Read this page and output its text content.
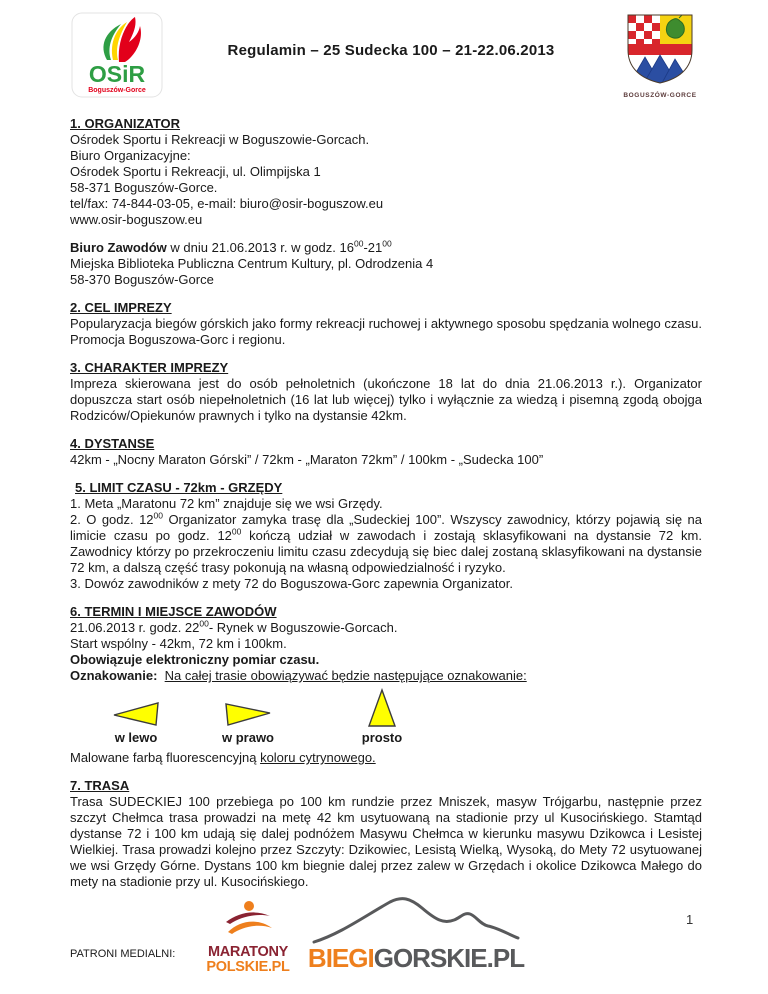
OSiR
Boguszów-Gorce
Regulamin – 25 Sudecka 100 – 21-22.06.2013
BOGUSZÓW-GORCE
1. ORGANIZATOR
Ośrodek Sportu i Rekreacji w Boguszowie-Gorcach.
Biuro Organizacyjne:
Ośrodek Sportu i Rekreacji, ul. Olimpijska 1
58-371 Boguszów-Gorce.
tel/fax: 74-844-03-05, e-mail: biuro@osir-boguszow.eu
www.osir-boguszow.eu

Biuro Zawodów w dniu 21.06.2013 r. w godz. $16^{00}-21^{00}$

Miejska Biblioteka Publiczna Centrum Kultury, pl. Odrodzenia 4
58-370 Boguszów-Gorce
2. CEL IMPREZY

Popularyzacja biegów górskich jako formy rekreacji ruchowej i aktywnego sposobu spędzania wolnego czasu. Promocja Boguszowa-Gorc i regionu.

3. CHARAKTER IMPREZY

Impreza skierowana jest do osób pełnoletnich (ukończone 18 lat do dnia 21.06.2013 r.). Organizator dopuszcza start osób niepełnoletnich (16 lat lub więcej) tylko i wyłącznie za wiedzą i pisemną zgodą obojga Rodziców/Opiekunów prawnych i tylko na dystansie 42km.

4. DYSTANSE
42km - „Nocny Maraton Górski” / 72km - „Maraton 72km” / 100km - „Sudecka 100”
5. LIMIT CZASU - 72km - GRZĘDY
1. Meta „Maratonu 72 km” znajduje się we wsi Grzędy.

2. O godz. $12^{00}$ Organizator zamyka trasę dla „Sudeckiej 100”. Wszyscy zawodnicy, którzy pojawią się na limicie czasu po godz. $12^{00}$ kończą udział w zawodach i zostają sklasyfikowani na dystansie 72 km. Zawodnicy którzy po przekroczeniu limitu czasu zdecydują się biec dalej zostaną sklasyfikowani na dystansie 72 km, a dalszą część trasy pokonują na własną odpowiedzialność i ryzyko.

3. Dowóz zawodników z mety 72 do Boguszowa-Gorc zapewnia Organizator.
6. TERMIN I MIEJSCE ZAWODÓW

21.06.2013 r. godz. $22^{00}-$ Rynek w Boguszowie-Gorcach.

Start wspólny - 42km, 72 km i 100km.
Obowiązuje elektroniczny pomiar czasu.

Oznakowanie: Na całej trasie obowiązywać będzie następujące oznakowanie:

w lewo	w prawo	prosto

Malowane farbą fluorescencyjną koloru cytrynowego.

7. TRASA

Trasa SUDECKIEJ 100 przebiega po 100 km rundzie przez Mniszek, masyw Trójgarbu, następnie przez szczyt Chełmca trasa prowadzi na metę 42 km usytuowaną na stadionie przy ul Kusocińskiego. Stamtąd dystanse 72 i 100 km udają się dalej podnóżem Masywu Chełmca w kierunku masywu Dzikowca i Lesistej Wielkiej. Trasa prowadzi kolejno przez Szczyty: Dzikowiec, Lesistą Wielką, Wysoką, do Mety 72 usytuowanej we wsi Grzędy Górne. Dystans 100 km biegnie dalej przez zalew w Grzędach i okolice Dzikowca Małego do mety na stadionie przy ul. Kusocińskiego.

PATRONI MEDIALNI:	MARATONY
POLSKIE.PL BIEGIGORSKIE.PL
1
